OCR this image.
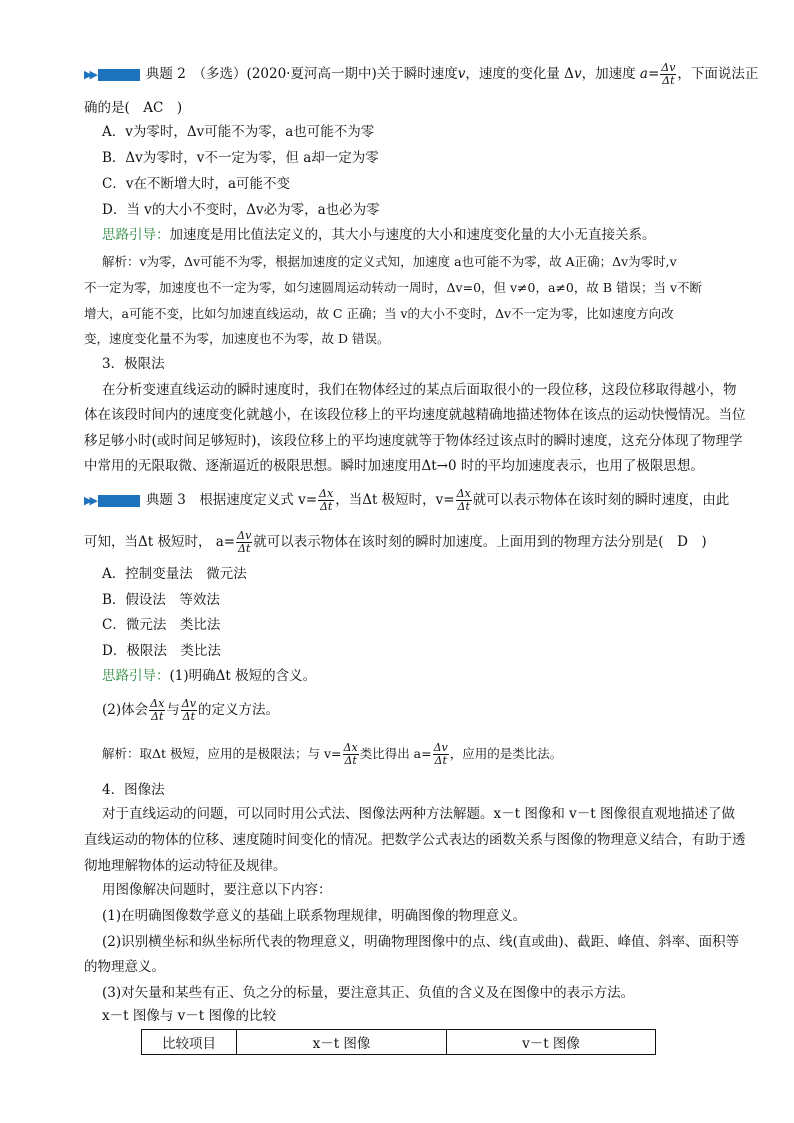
▶▶	典题 2　 （多选）(2020·夏河高一期中)关于瞬时速度v，速度的变化量 Δv，加速度 $a= \frac{\Delta v}{\Delta t}$ ，下面说法正
确的是(　AC　)
A．v为零时，Δv可能不为零，a也可能不为零
B．Δv为零时，v不一定为零，但 a却一定为零
C．v在不断增大时，a可能不变
D．当 v的大小不变时，Δv必为零，a也必为零
思路引导：加速度是用比值法定义的，其大小与速度的大小和速度变化量的大小无直接关系。
解析：v为零，Δv可能不为零，根据加速度的定义式知，加速度 a也可能不为零，故 A正确；Δv为零时,v
不一定为零，加速度也不一定为零，如匀速圆周运动转动一周时，Δv=0，但 v≠0，a≠0，故 B 错误；当 v不断
增大，a可能不变，比如匀加速直线运动，故 C 正确；当 v的大小不变时，Δv不一定为零，比如速度方向改
变，速度变化量不为零，加速度也不为零，故 D 错误。
3．极限法
在分析变速直线运动的瞬时速度时，我们在物体经过的某点后面取很小的一段位移，这段位移取得越小，物
体在该段时间内的速度变化就越小，在该段位移上的平均速度就越精确地描述物体在该点的运动快慢情况。当位
移足够小时(或时间足够短时)，该段位移上的平均速度就等于物体经过该点时的瞬时速度，这充分体现了物理学
中常用的无限取微、逐渐逼近的极限思想。瞬时加速度用Δt→0 时的平均加速度表示，也用了极限思想。
▶▶	典题 3　 根据速度定义式 $v= \frac{\Delta x}{\Delta t}$ ，当Δt 极短时，$v= \frac{\Delta x}{\Delta t}$ 就可以表示物体在该时刻的瞬时速度，由此
可知，当Δt 极短时， $a= \frac{\Delta v}{\Delta t}$ 就可以表示物体在该时刻的瞬时加速度。上面用到的物理方法分别是(　D　)
A．控制变量法　微元法
B．假设法　等效法
C．微元法　类比法
D．极限法　类比法
思路引导：(1)明确Δt 极短的含义。
(2)体会 $\frac{\Delta x}{\Delta t}$ 与 $\frac{\Delta v}{\Delta t}$ 的定义方法。
解析：取Δt 极短，应用的是极限法；与 $v= \frac{\Delta x}{\Delta t}$ 类比得出 $a= \frac{\Delta v}{\Delta t}$ ，应用的是类比法。
4．图像法
对于直线运动的问题，可以同时用公式法、图像法两种方法解题。x－t 图像和 v－t 图像很直观地描述了做
直线运动的物体的位移、速度随时间变化的情况。把数学公式表达的函数关系与图像的物理意义结合，有助于透
彻地理解物体的运动特征及规律。
用图像解决问题时，要注意以下内容：
(1)在明确图像数学意义的基础上联系物理规律，明确图像的物理意义。
(2)识别横坐标和纵坐标所代表的物理意义，明确物理图像中的点、线(直或曲)、截距、峰值、斜率、面积等
的物理意义。
(3)对矢量和某些有正、负之分的标量，要注意其正、负值的含义及在图像中的表示方法。
x－t 图像与 v－t 图像的比较
比较项目	x－t 图像	v－t 图像
